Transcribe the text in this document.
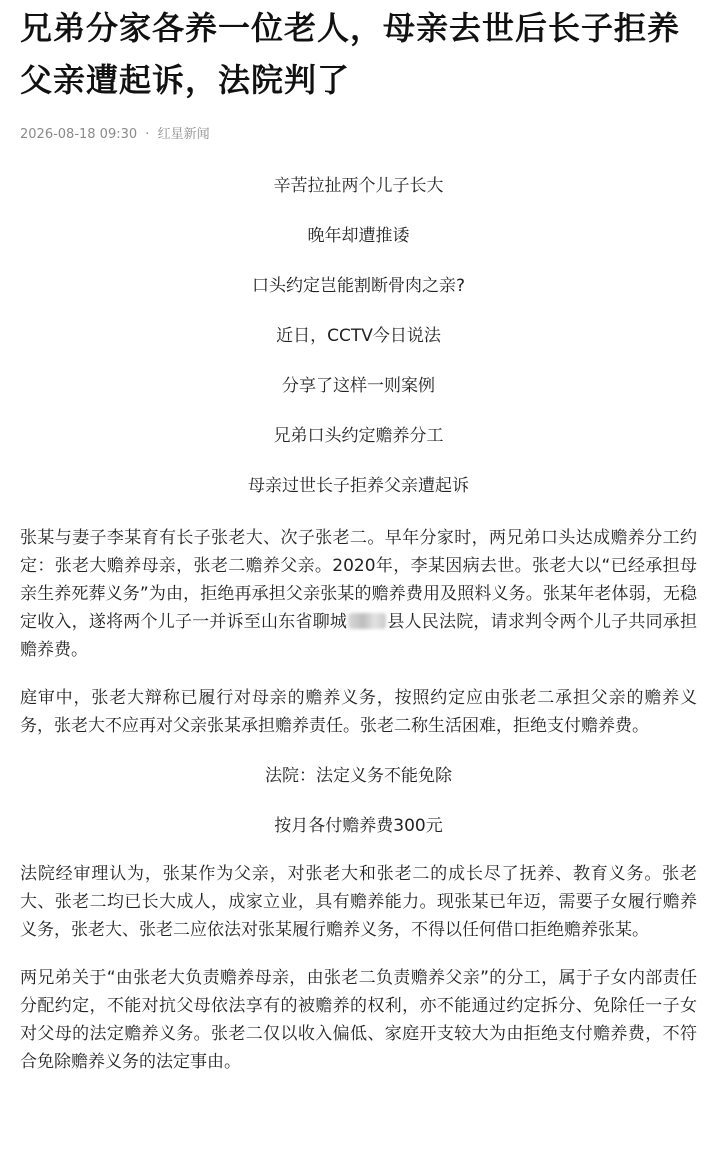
兄弟分家各养一位老人，母亲去世后长子拒养父亲遭起诉，法院判了
2026-08-18 09:30 · 红星新闻

辛苦拉扯两个儿子长大

晚年却遭推诿

口头约定岂能割断骨肉之亲?

近日，CCTV今日说法

分享了这样一则案例

兄弟口头约定赡养分工

母亲过世长子拒养父亲遭起诉

张某与妻子李某育有长子张老大、次子张老二。早年分家时，两兄弟口头达成赡养分工约定：张老大赡养母亲，张老二赡养父亲。2020年，李某因病去世。张老大以“已经承担母亲生养死葬义务”为由，拒绝再承担父亲张某的赡养费用及照料义务。张某年老体弱，无稳定收入，遂将两个儿子一并诉至山东省聊城 县人民法院，请求判令两个儿子共同承担赡养费。

庭审中，张老大辩称已履行对母亲的赡养义务，按照约定应由张老二承担父亲的赡养义务，张老大不应再对父亲张某承担赡养责任。张老二称生活困难，拒绝支付赡养费。

法院：法定义务不能免除

按月各付赡养费300元

法院经审理认为，张某作为父亲，对张老大和张老二的成长尽了抚养、教育义务。张老大、张老二均已长大成人，成家立业，具有赡养能力。现张某已年迈，需要子女履行赡养义务，张老大、张老二应依法对张某履行赡养义务，不得以任何借口拒绝赡养张某。

两兄弟关于“由张老大负责赡养母亲，由张老二负责赡养父亲”的分工，属于子女内部责任分配约定，不能对抗父母依法享有的被赡养的权利，亦不能通过约定拆分、免除任一子女对父母的法定赡养义务。张老二仅以收入偏低、家庭开支较大为由拒绝支付赡养费，不符合免除赡养义务的法定事由。
